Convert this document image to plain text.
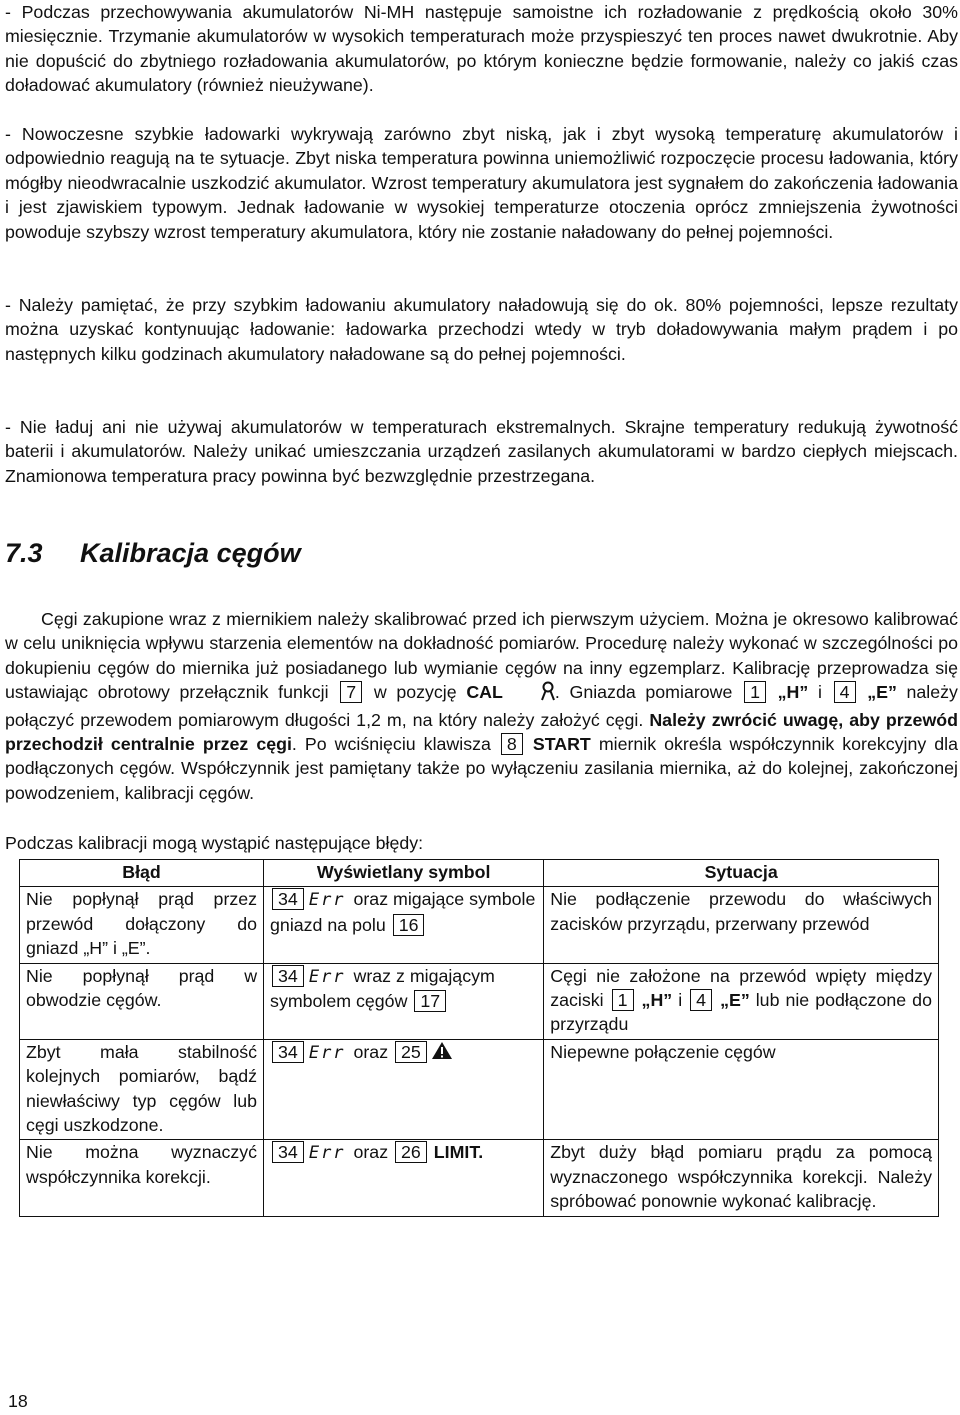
- Podczas przechowywania akumulatorów Ni-MH następuje samoistne ich rozładowanie z prędkością około 30% miesięcznie. Trzymanie akumulatorów w wysokich temperaturach może przyspieszyć ten proces nawet dwukrotnie. Aby nie dopuścić do zbytniego rozładowania akumulatorów, po którym konieczne będzie formowanie, należy co jakiś czas doładować akumulatory (również nieużywane).

- Nowoczesne szybkie ładowarki wykrywają zarówno zbyt niską, jak i zbyt wysoką temperaturę akumulatorów i odpowiednio reagują na te sytuacje. Zbyt niska temperatura powinna uniemożliwić rozpoczęcie procesu ładowania, który mógłby nieodwracalnie uszkodzić akumulator. Wzrost temperatury akumulatora jest sygnałem do zakończenia ładowania i jest zjawiskiem typowym. Jednak ładowanie w wysokiej temperaturze otoczenia oprócz zmniejszenia żywotności powoduje szybszy wzrost temperatury akumulatora, który nie zostanie naładowany do pełnej pojemności.

- Należy pamiętać, że przy szybkim ładowaniu akumulatory naładowują się do ok. 80% pojemności, lepsze rezultaty można uzyskać kontynuując ładowanie: ładowarka przechodzi wtedy w tryb doładowywania małym prądem i po następnych kilku godzinach akumulatory naładowane są do pełnej pojemności.

- Nie ładuj ani nie używaj akumulatorów w temperaturach ekstremalnych. Skrajne temperatury redukują żywotność baterii i akumulatorów. Należy unikać umieszczania urządzeń zasilanych akumulatorami w bardzo ciepłych miejscach. Znamionowa temperatura pracy powinna być bezwzględnie przestrzegana.

7.3 Kalibracja cęgów

Cęgi zakupione wraz z miernikiem należy skalibrować przed ich pierwszym użyciem. Można je okresowo kalibrować w celu uniknięcia wpływu starzenia elementów na dokładność pomiarów. Procedurę należy wykonać w szczególności po dokupieniu cęgów do miernika już posiadanego lub wymianie cęgów na inny egzemplarz. Kalibrację przeprowadza się ustawiając obrotowy przełącznik funkcji 7 w pozycję CAL	. Gniazda pomiarowe 1 „H” i 4 „E” należy połączyć przewodem pomiarowym długości 1,2 m, na który należy założyć cęgi. Należy zwrócić uwagę, aby przewód przechodził centralnie przez cęgi. Po wciśnięciu klawisza 8 START miernik określa współczynnik korekcyjny dla podłączonych cęgów. Współczynnik jest pamiętany także po wyłączeniu zasilania miernika, aż do kolejnej, zakończonej powodzeniem, kalibracji cęgów.

Podczas kalibracji mogą wystąpić następujące błędy:

Błąd	Wyświetlany symbol	Sytuacja
Nie popłynął prąd przez przewód dołączony do gniazd „H” i „E”.	34 Err oraz migające symbole gniazd na polu 16	Nie podłączenie przewodu do właściwych zacisków przyrządu, przerwany przewód
Nie popłynął prąd w obwodzie cęgów.	34 Err wraz z migającym symbolem cęgów 17	Cęgi nie założone na przewód wpięty między zaciski 1 „H” i 4 „E” lub nie podłączone do przyrządu
Zbyt mała stabilność kolejnych pomiarów, bądź niewłaściwy typ cęgów lub cęgi uszkodzone.	34 Err oraz 25	Niepewne połączenie cęgów
Nie można wyznaczyć współczynnika korekcji.	34 Err oraz 26 LIMIT.	Zbyt duży błąd pomiaru prądu za pomocą wyznaczonego współczynnika korekcji. Należy spróbować ponownie wykonać kalibrację.
18
